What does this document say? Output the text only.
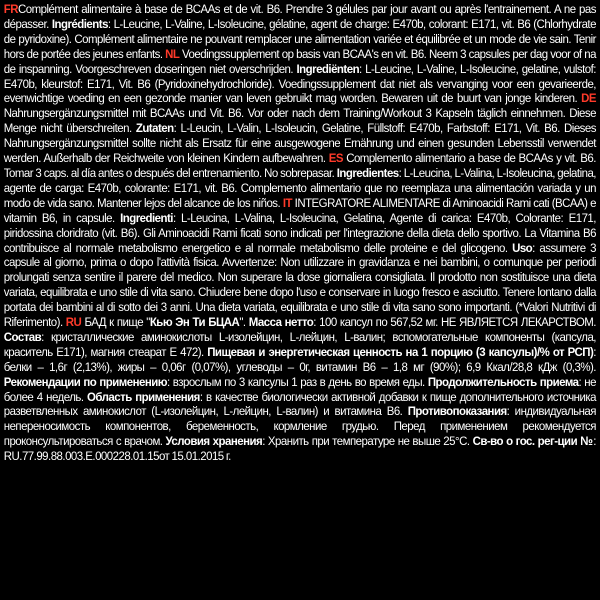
FRComplément alimentaire à base de BCAAs et de vit. B6. Prendre 3 gélules par jour avant ou après l'entrainement. A ne pas dépasser. Ingrédients: L-Leucine, L-Valine, L-Isoleucine, gélatine, agent de charge: E470b, colorant: E171, vit. B6 (Chlorhydrate de pyridoxine). Complément alimentaire ne pouvant remplacer une alimentation variée et équilibrée et un mode de vie sain. Tenir hors de portée des jeunes enfants. NL Voedingssupplement op basis van BCAA's en vit. B6. Neem 3 capsules per dag voor of na de inspanning. Voorgeschreven doseringen niet overschrijden. Ingrediënten: L-Leucine, L-Valine, L-Isoleucine, gelatine, vulstof: E470b, kleurstof: E171, Vit. B6 (Pyridoxinehydrochloride). Voedingssupplement dat niet als vervanging voor een gevarieerde, evenwichtige voeding en een gezonde manier van leven gebruikt mag worden. Bewaren uit de buurt van jonge kinderen. DE Nahrungsergänzungsmittel mit BCAAs und Vit. B6. Vor oder nach dem Training/Workout 3 Kapseln täglich einnehmen. Diese Menge nicht überschreiten. Zutaten: L-Leucin, L-Valin, L-Isoleucin, Gelatine, Füllstoff: E470b, Farbstoff: E171, Vit. B6. Dieses Nahrungsergänzungsmittel sollte nicht als Ersatz für eine ausgewogene Ernährung und einen gesunden Lebensstil verwendet werden. Außerhalb der Reichweite von kleinen Kindern aufbewahren. ES Complemento alimentario a base de BCAAs y vit. B6. Tomar 3 caps. al día antes o después del entrenamiento. No sobrepasar. Ingredientes: L-Leucina, L-Valina, L-Isoleucina, gelatina, agente de carga: E470b, colorante: E171, vit. B6. Complemento alimentario que no reemplaza una alimentación variada y un modo de vida sano. Mantener lejos del alcance de los niños. IT INTEGRATORE ALIMENTARE di Aminoacidi Rami cati (BCAA) e vitamin B6, in capsule. Ingredienti: L-Leucina, L-Valina, L-Isoleucina, Gelatina, Agente di carica: E470b, Colorante: E171, piridossina cloridrato (vit. B6). Gli Aminoacidi Rami ficati sono indicati per l'integrazione della dieta dello sportivo. La Vitamina B6 contribuisce al normale metabolismo energetico e al normale metabolismo delle proteine e del glicogeno. Uso: assumere 3 capsule al giorno, prima o dopo l'attività fisica. Avvertenze: Non utilizzare in gravidanza e nei bambini, o comunque per periodi prolungati senza sentire il parere del medico. Non superare la dose giornaliera consigliata. Il prodotto non sostituisce una dieta variata, equilibrata e uno stile di vita sano. Chiudere bene dopo l'uso e conservare in luogo fresco e asciutto. Tenere lontano dalla portata dei bambini al di sotto dei 3 anni. Una dieta variata, equilibrata e uno stile di vita sano sono importanti. (*Valori Nutritivi di Riferimento). RU БАД к пище "Кью Эн Ти БЦАА". Масса нетто: 100 капсул по 567,52 мг. НЕ ЯВЛЯЕТСЯ ЛЕКАРСТВОМ. Состав: кристаллические аминокислоты L-изолейцин, L-лейцин, L-валин; вспомогательные компоненты (капсула, краситель E171), магния стеарат E 472). Пищевая и энергетическая ценность на 1 порцию (3 капсулы)/% от РСП): белки – 1,6г (2,13%), жиры – 0,06г (0,07%), углеводы – 0г, витамин В6 – 1,8 мг (90%); 6,9 Ккал/28,8 кДж (0,3%). Рекомендации по применению: взрослым по 3 капсулы 1 раз в день во время еды. Продолжительность приема: не более 4 недель. Область применения: в качестве биологически активной добавки к пище дополнительного источника разветвленных аминокислот (L-изолейцин, L-лейцин, L-валин) и витамина В6. Противопоказания: индивидуальная непереносимость компонентов, беременность, кормление грудью. Перед применением рекомендуется проконсультироваться с врачом. Условия хранения: Хранить при температуре не выше 25°С. Св-во о гос. рег-ции №: RU.77.99.88.003.E.000228.01.15от 15.01.2015 г.
